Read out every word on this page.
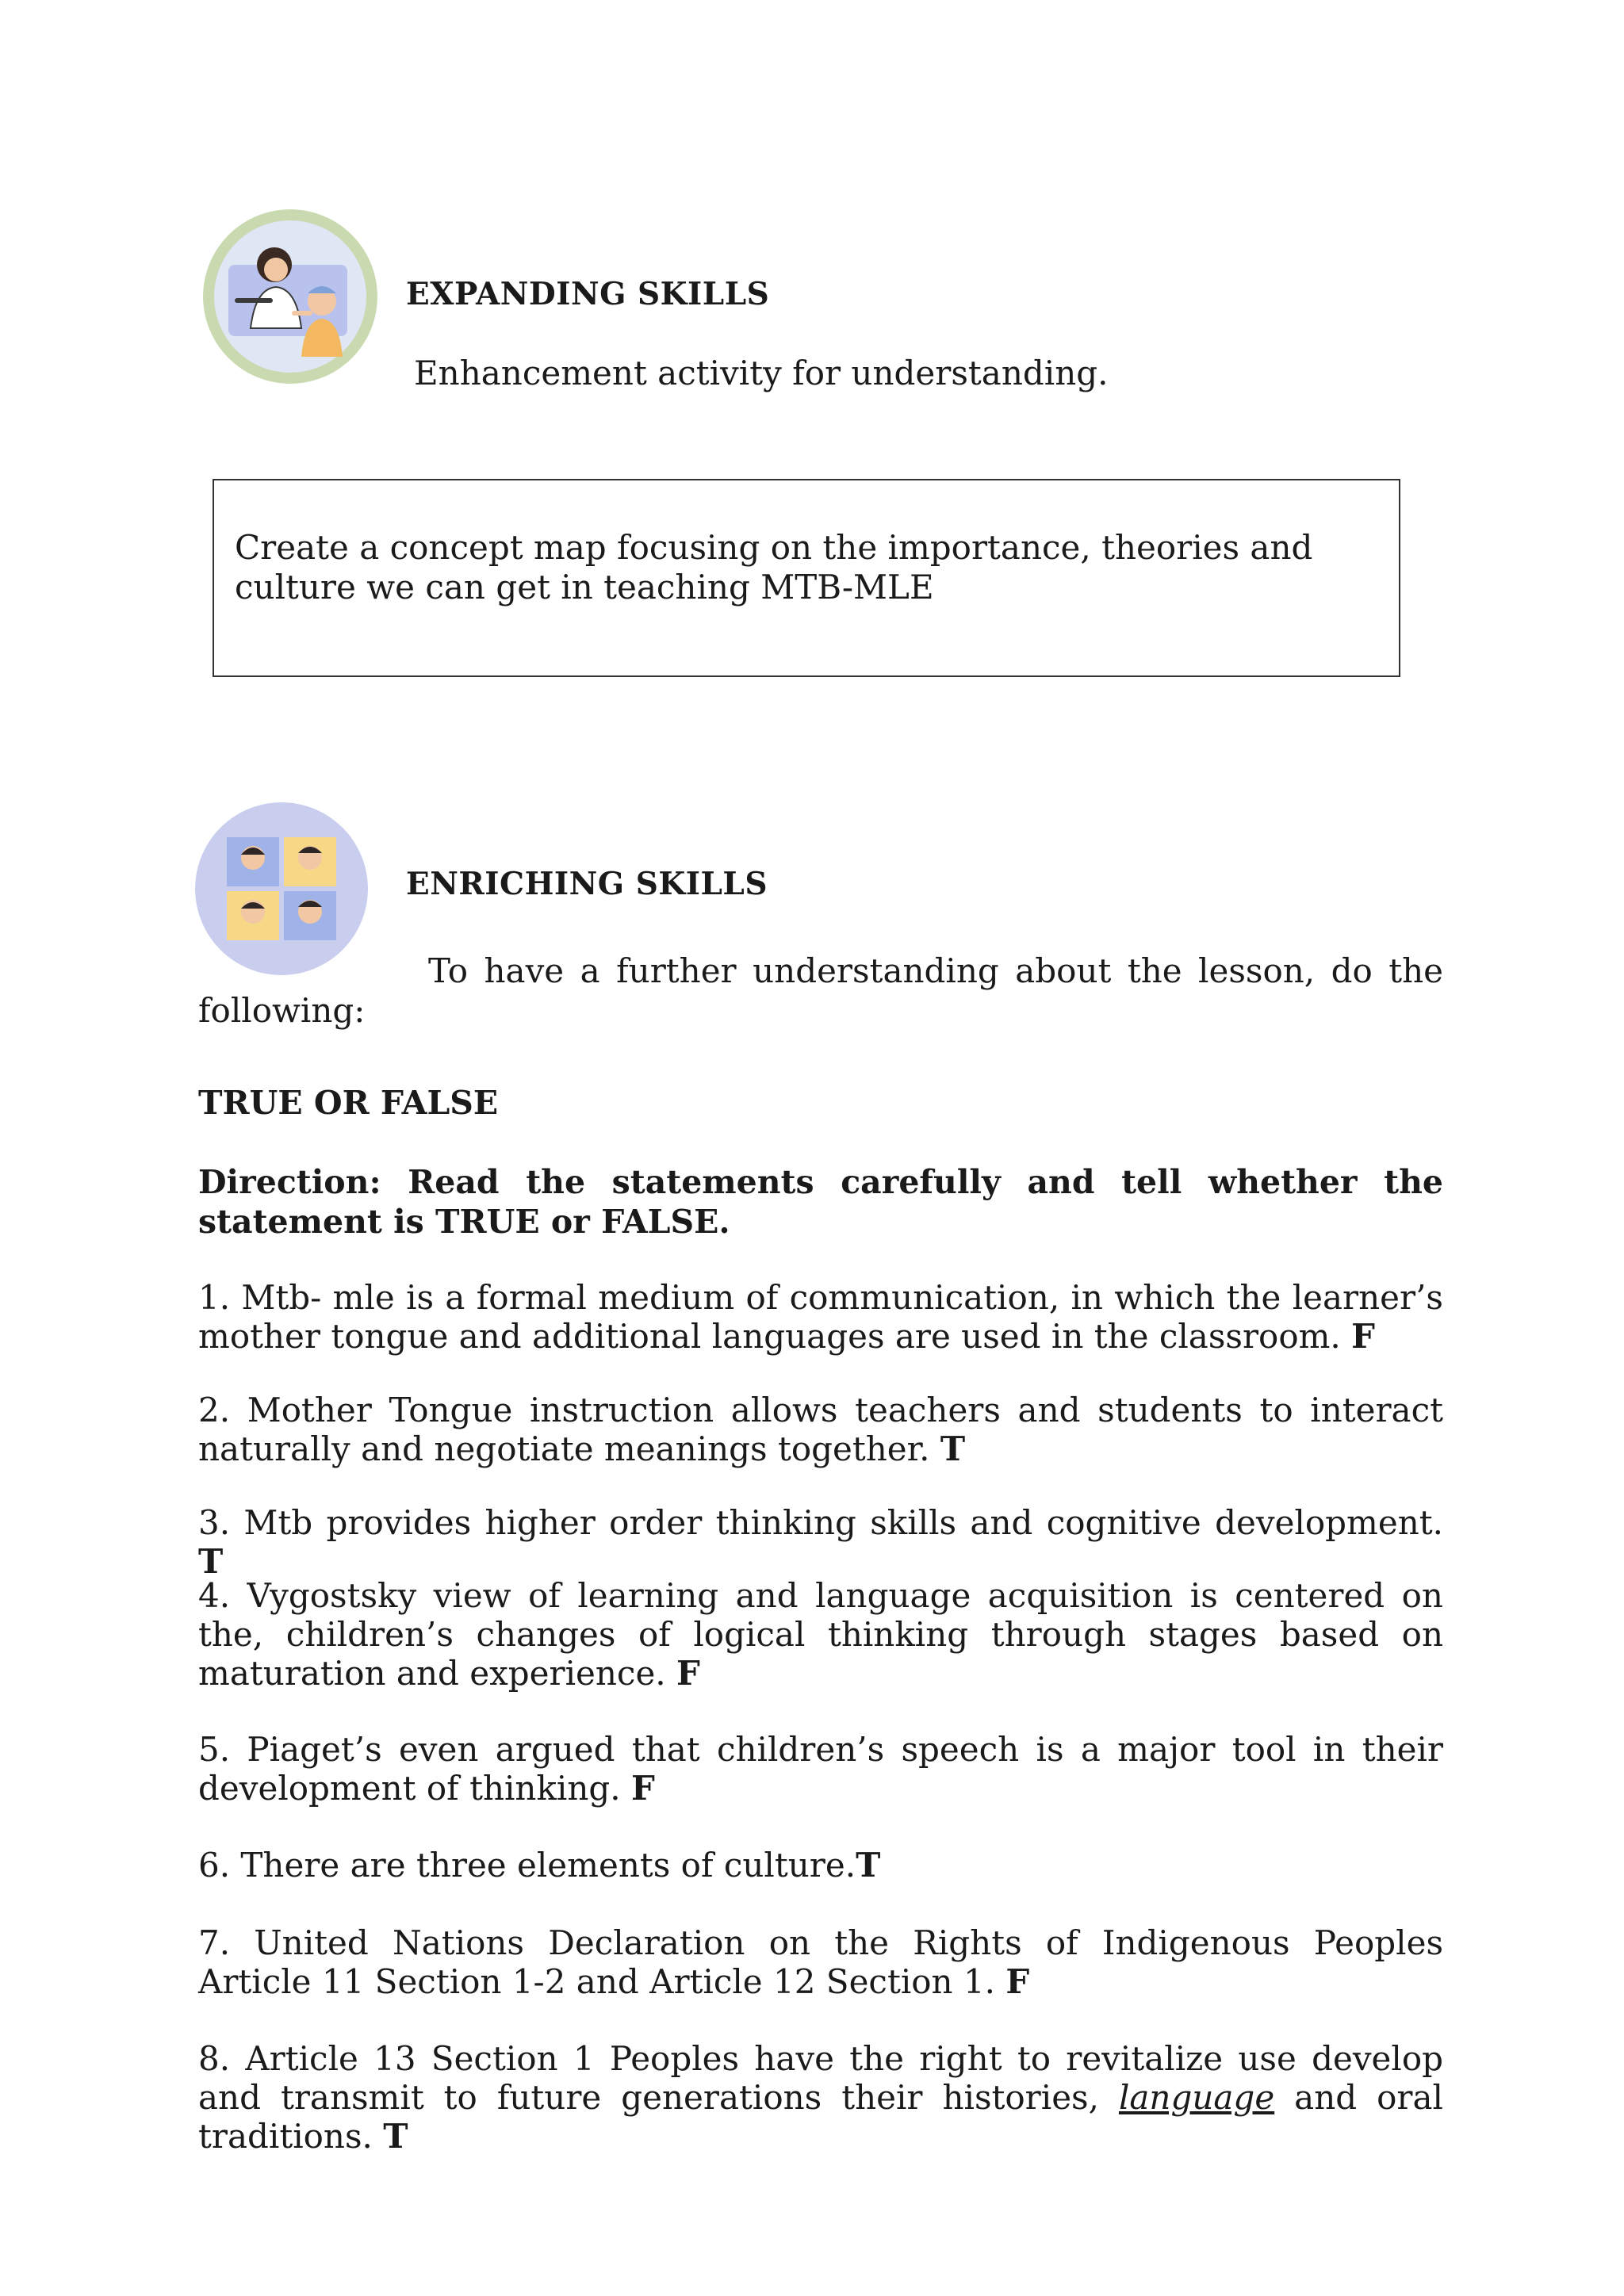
EXPANDING SKILLS
Enhancement activity for understanding.

Create a concept map focusing on the importance, theories and culture we can get in teaching MTB-MLE

ENRICHING SKILLS

To have a further understanding about the lesson, do the following:

TRUE OR FALSE

Direction: Read the statements carefully and tell whether the statement is TRUE or FALSE.

1. Mtb- mle is a formal medium of communication, in which the learner’s mother tongue and additional languages are used in the classroom. F

2. Mother Tongue instruction allows teachers and students to interact naturally and negotiate meanings together. T

3. Mtb provides higher order thinking skills and cognitive development. T

4. Vygostsky view of learning and language acquisition is centered on the, children’s changes of logical thinking through stages based on maturation and experience. F

5. Piaget’s even argued that children’s speech is a major tool in their development of thinking. F

6. There are three elements of culture.T

7. United Nations Declaration on the Rights of Indigenous Peoples Article 11 Section 1-2 and Article 12 Section 1. F

8. Article 13 Section 1 Peoples have the right to revitalize use develop and transmit to future generations their histories, language and oral traditions. T
